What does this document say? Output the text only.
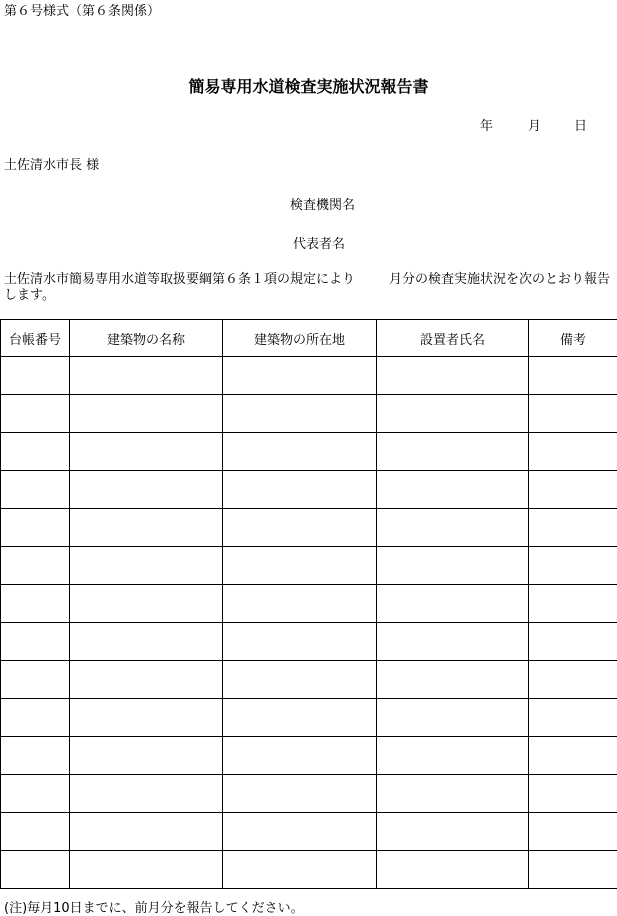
第６号様式（第６条関係）
簡易専用水道検査実施状況報告書
年	月	日
土佐清水市長 様
検査機関名
代表者名
土佐清水市簡易専用水道等取扱要綱第６条１項の規定により	月分の検査実施状況を次のとおり報告します。
台帳番号	建築物の名称	建築物の所在地	設置者氏名	備考

(注)毎月10日までに、前月分を報告してください。
